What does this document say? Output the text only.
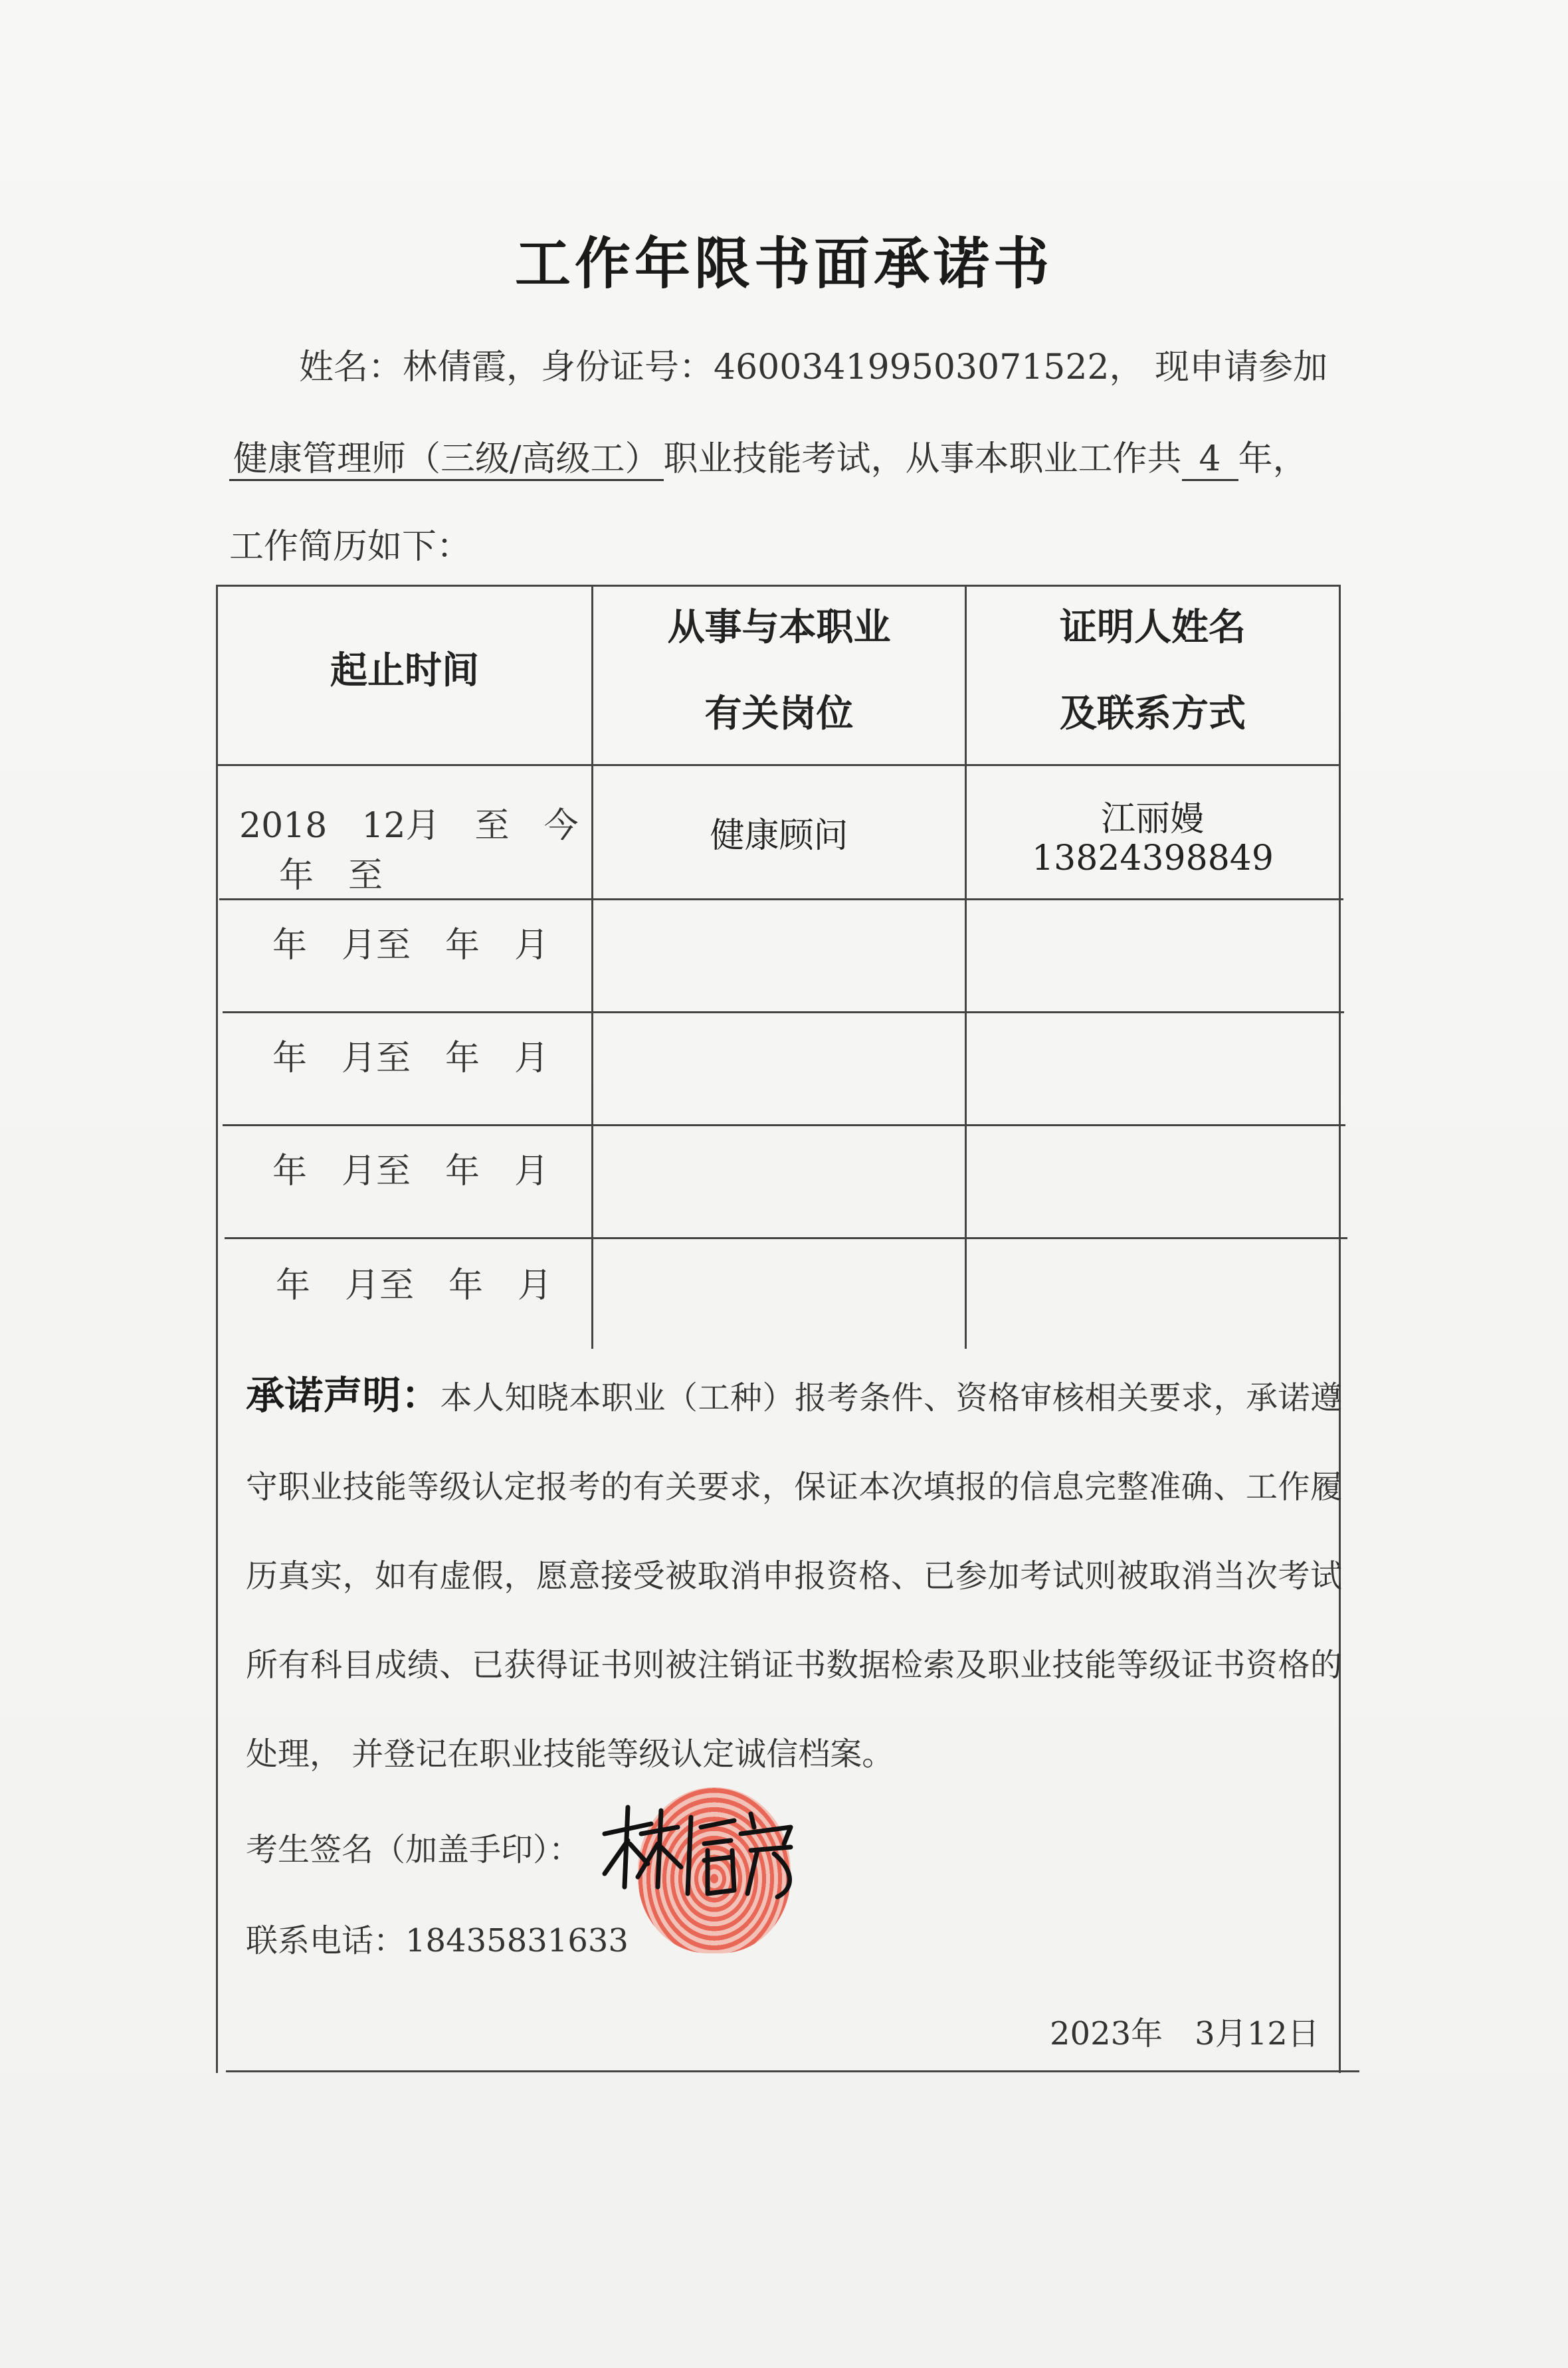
工作年限书面承诺书
姓名：林倩霞，身份证号：460034199503071522， 现申请参加
健康管理师（三级/高级工） 职业技能考试，从事本职业工作共 4 年，
工作简历如下：
起止时间
从事与本职业
有关岗位
证明人姓名
及联系方式
2018　12月　至　今
年　至
健康顾问	江丽嫚
13824398849
年　月至　年　月
年　月至　年　月
年　月至　年　月
年　月至　年　月
承诺声明：本人知晓本职业（工种）报考条件、资格审核相关要求，承诺遵守职业技能等级认定报考的有关要求，保证本次填报的信息完整准确、工作履历真实，如有虚假，愿意接受被取消申报资格、已参加考试则被取消当次考试所有科目成绩、已获得证书则被注销证书数据检索及职业技能等级证书资格的处理， 并登记在职业技能等级认定诚信档案。
考生签名（加盖手印）：
联系电话：18435831633
2023年　3月12日
